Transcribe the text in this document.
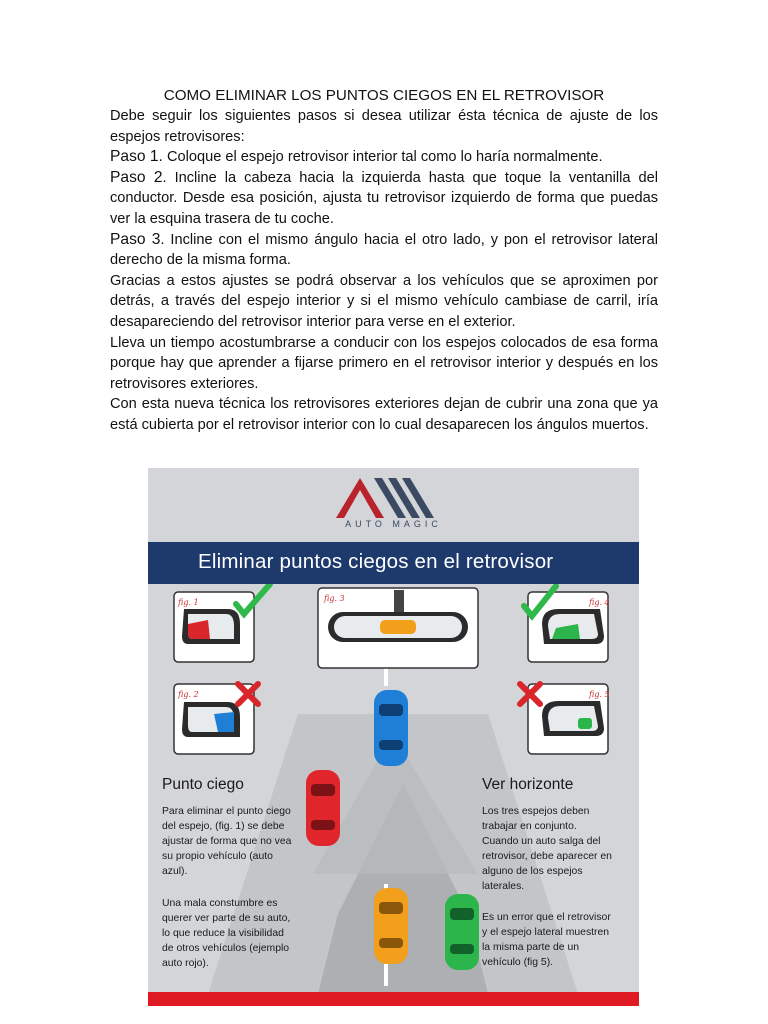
COMO ELIMINAR LOS PUNTOS CIEGOS EN EL RETROVISOR

Debe seguir los siguientes pasos si desea utilizar ésta técnica de ajuste de los espejos retrovisores:

Paso 1. Coloque el espejo retrovisor interior tal como lo haría normalmente.

Paso 2. Incline la cabeza hacia la izquierda hasta que toque la ventanilla del conductor. Desde esa posición, ajusta tu retrovisor izquierdo de forma que puedas ver la esquina trasera de tu coche.

Paso 3. Incline con el mismo ángulo hacia el otro lado, y pon el retrovisor lateral derecho de la misma forma.

Gracias a estos ajustes se podrá observar a los vehículos que se aproximen por detrás, a través del espejo interior y si el mismo vehículo cambiase de carril, iría desapareciendo del retrovisor interior para verse en el exterior.

Lleva un tiempo acostumbrarse a conducir con los espejos colocados de esa forma porque hay que aprender a fijarse primero en el retrovisor interior y después en los retrovisores exteriores.

Con esta nueva técnica los retrovisores exteriores dejan de cubrir una zona que ya está cubierta por el retrovisor interior con lo cual desaparecen los ángulos muertos.

AUTO MAGIC
Eliminar puntos ciegos en el retrovisor
fig. 1
fig. 2
fig. 3	fig. 4
fig. 5
Punto ciego
Para eliminar el punto ciego
del espejo, (fig. 1) se debe
ajustar de forma que no vea
su propio vehículo (auto
azul).
Una mala constumbre es
querer ver parte de su auto,
lo que reduce la visibilidad
de otros vehículos (ejemplo
auto rojo).
Ver horizonte
Los tres espejos deben
trabajar en conjunto.
Cuando un auto salga del
retrovisor, debe aparecer en
alguno de los espejos
laterales.
Es un error que el retrovisor
y el espejo lateral muestren
la misma parte de un
vehículo (fig 5).
